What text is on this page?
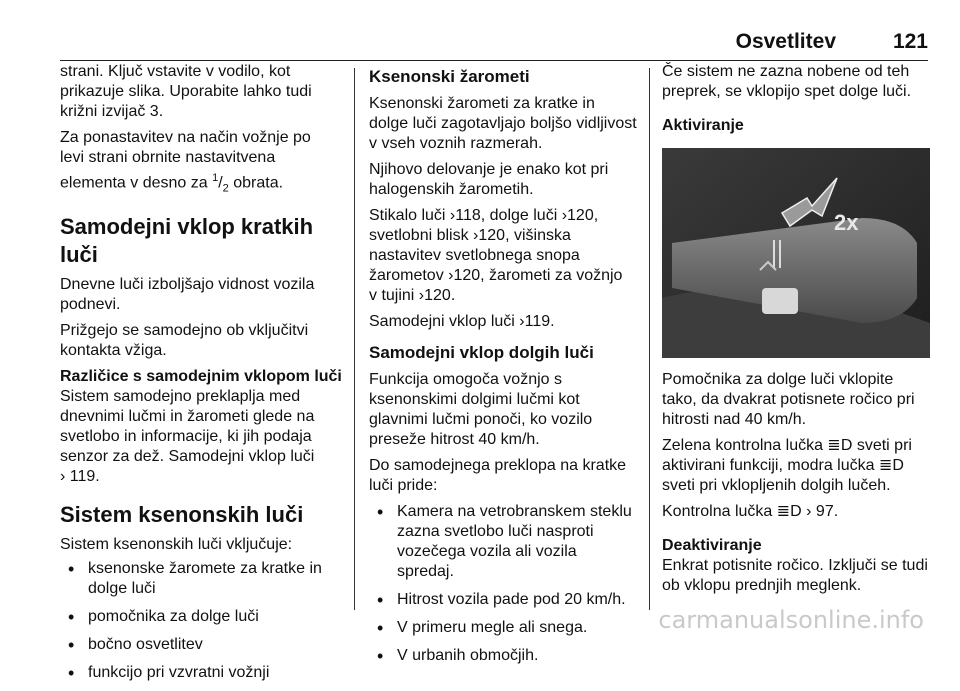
Osvetlitev	121

strani. Ključ vstavite v vodilo, kot
prikazuje slika. Uporabite lahko tudi
križni izvijač 3.

Za ponastavitev na način vožnje po
levi strani obrnite nastavitvena
elementa v desno za $^1/_2$ obrata.

Samodejni vklop kratkih luči

Dnevne luči izboljšajo vidnost vozila
podnevi.

Prižgejo se samodejno ob vključitvi
kontakta vžiga.

Različice s samodejnim vklopom luči

Sistem samodejno preklaplja med
dnevnimi lučmi in žarometi glede na
svetlobo in informacije, ki jih podaja
senzor za dež. Samodejni vklop luči

› 119.

Sistem ksenonskih luči

Sistem ksenonskih luči vključuje:

• ksenonske žaromete za kratke in
dolge luči
• pomočnika za dolge luči
• bočno osvetlitev
• funkcijo pri vzvratni vožnji
Ksenonski žarometi

Ksenonski žarometi za kratke in
dolge luči zagotavljajo boljšo vidljivost
v vseh voznih razmerah.

Njihovo delovanje je enako kot pri
halogenskih žarometih.

Stikalo luči ›118, dolge luči ›120,
svetlobni blisk ›120, višinska
nastavitev svetlobnega snopa
žarometov ›120, žarometi za vožnjo
v tujini ›120.

Samodejni vklop luči ›119.

Samodejni vklop dolgih luči

Funkcija omogoča vožnjo s
ksenonskimi dolgimi lučmi kot
glavnimi lučmi ponoči, ko vozilo
preseže hitrost 40 km/h.

Do samodejnega preklopa na kratke
luči pride:

• Kamera na vetrobranskem steklu
zazna svetlobo luči nasproti
vozečega vozila ali vozila
spredaj.
• Hitrost vozila pade pod 20 km/h.
• V primeru megle ali snega.
• V urbanih območjih.

Če sistem ne zazna nobene od teh
preprek, se vklopijo spet dolge luči.

Aktiviranje

2x

Pomočnika za dolge luči vklopite
tako, da dvakrat potisnete ročico pri
hitrosti nad 40 km/h.

Zelena kontrolna lučka ≣D sveti pri
aktivirani funkciji, modra lučka ≣D
sveti pri vklopljenih dolgih lučeh.

Kontrolna lučka ≣D › 97.

Deaktiviranje

Enkrat potisnite ročico. Izključi se tudi
ob vklopu prednjih meglenk.

carmanualsonline.info
